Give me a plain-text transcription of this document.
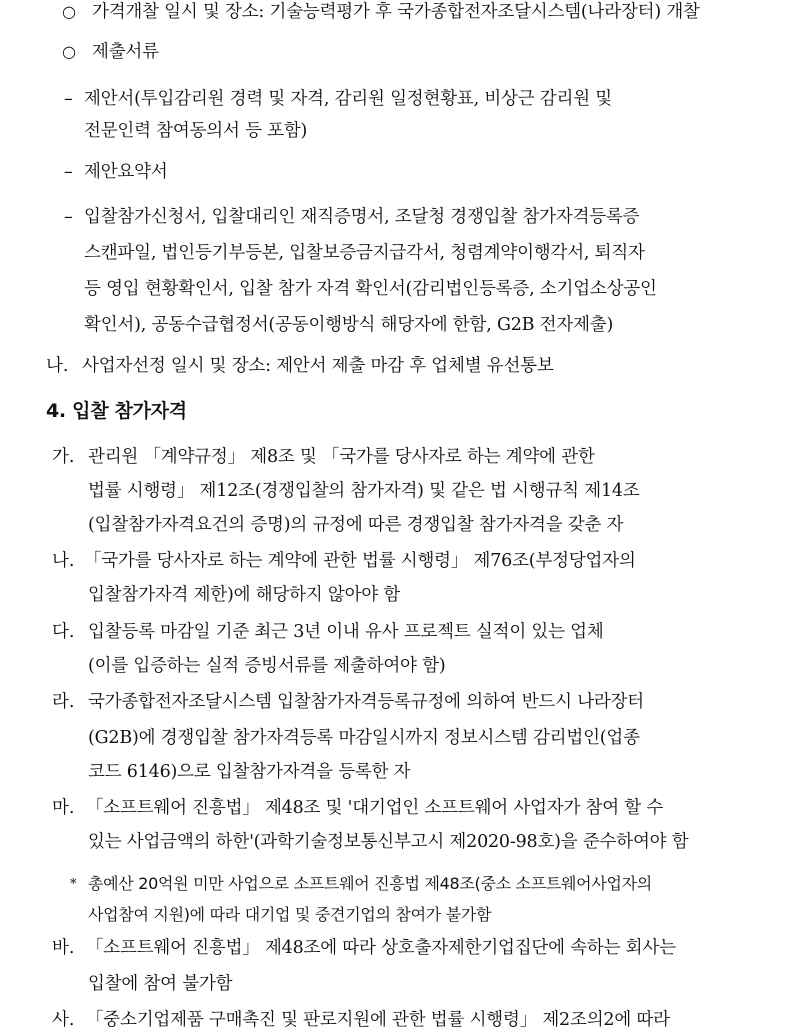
○ 가격개찰 일시 및 장소: 기술능력평가 후 국가종합전자조달시스템(나라장터) 개찰
○ 제출서류
– 제안서(투입감리원 경력 및 자격, 감리원 일정현황표, 비상근 감리원 및
전문인력 참여동의서 등 포함)
– 제안요약서
– 입찰참가신청서, 입찰대리인 재직증명서, 조달청 경쟁입찰 참가자격등록증
스캔파일, 법인등기부등본, 입찰보증금지급각서, 청렴계약이행각서, 퇴직자
등 영입 현황확인서, 입찰 참가 자격 확인서(감리법인등록증, 소기업소상공인
확인서), 공동수급협정서(공동이행방식 해당자에 한함, G2B 전자제출)
나. 사업자선정 일시 및 장소: 제안서 제출 마감 후 업체별 유선통보
4. 입찰 참가자격
가. 관리원 「계약규정」 제8조 및 「국가를 당사자로 하는 계약에 관한
법률 시행령」 제12조(경쟁입찰의 참가자격) 및 같은 법 시행규칙 제14조
(입찰참가자격요건의 증명)의 규정에 따른 경쟁입찰 참가자격을 갖춘 자
나. 「국가를 당사자로 하는 계약에 관한 법률 시행령」 제76조(부정당업자의
입찰참가자격 제한)에 해당하지 않아야 함
다. 입찰등록 마감일 기준 최근 3년 이내 유사 프로젝트 실적이 있는 업체
(이를 입증하는 실적 증빙서류를 제출하여야 함)
라. 국가종합전자조달시스템 입찰참가자격등록규정에 의하여 반드시 나라장터
(G2B)에 경쟁입찰 참가자격등록 마감일시까지 정보시스템 감리법인(업종
코드 6146)으로 입찰참가자격을 등록한 자
마. 「소프트웨어 진흥법」 제48조 및 '대기업인 소프트웨어 사업자가 참여 할 수
있는 사업금액의 하한'(과학기술정보통신부고시 제2020-98호)을 준수하여야 함
* 총예산 20억원 미만 사업으로 소프트웨어 진흥법 제48조(중소 소프트웨어사업자의
사업참여 지원)에 따라 대기업 및 중견기업의 참여가 불가함
바. 「소프트웨어 진흥법」 제48조에 따라 상호출자제한기업집단에 속하는 회사는
입찰에 참여 불가함
사. 「중소기업제품 구매촉진 및 판로지원에 관한 법률 시행령」 제2조의2에 따라
